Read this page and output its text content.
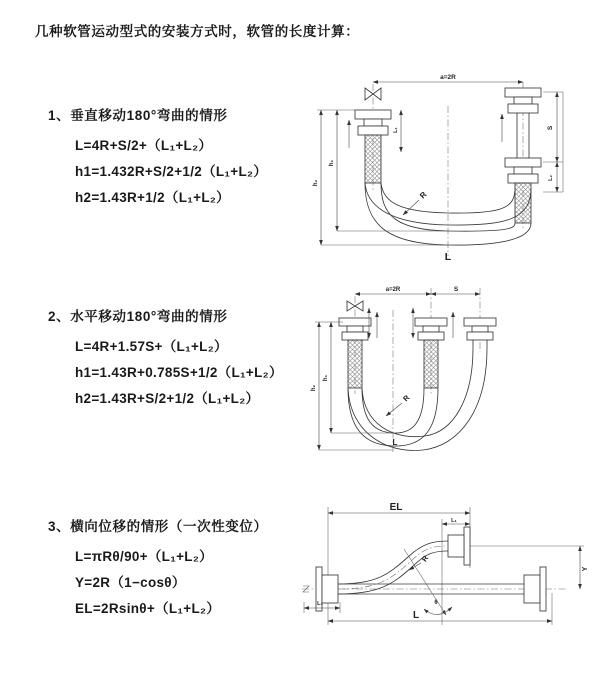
几种软管运动型式的安装方式时，软管的长度计算：
1、垂直移动180°弯曲的情形
L=4R+S/2+（L₁+L₂）
h1=1.432R+S/2+1/2（L₁+L₂）
h2=1.43R+1/2（L₁+L₂）
2、水平移动180°弯曲的情形
L=4R+1.57S+（L₁+L₂）
h1=1.43R+0.785S+1/2（L₁+L₂）
h2=1.43R+S/2+1/2（L₁+L₂）
3、横向位移的情形（一次性变位）
L=πRθ/90+（L₁+L₂）
Y=2R（1−cosθ）
EL=2Rsinθ+（L₁+L₂）
a=2R
h₁
h₂
L₁	S
L₂
R
L
a=2R	S
h₁
h₂
R
L
EL
L₁
R
θ
Y
L₁
L
